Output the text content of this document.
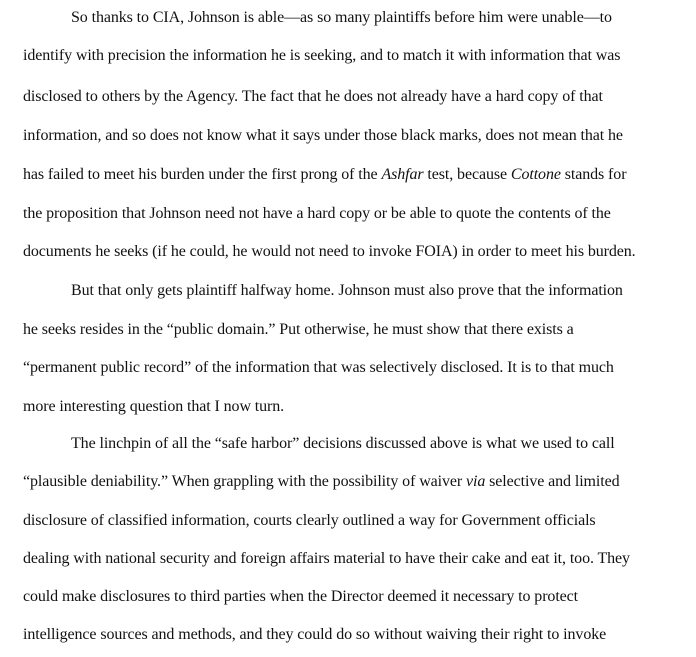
So thanks to CIA, Johnson is able—as so many plaintiffs before him were unable—to
identify with precision the information he is seeking, and to match it with information that was
disclosed to others by the Agency. The fact that he does not already have a hard copy of that
information, and so does not know what it says under those black marks, does not mean that he
has failed to meet his burden under the first prong of the Ashfar test, because Cottone stands for
the proposition that Johnson need not have a hard copy or be able to quote the contents of the
documents he seeks (if he could, he would not need to invoke FOIA) in order to meet his burden.
But that only gets plaintiff halfway home. Johnson must also prove that the information
he seeks resides in the “public domain.” Put otherwise, he must show that there exists a
“permanent public record” of the information that was selectively disclosed. It is to that much
more interesting question that I now turn.
The linchpin of all the “safe harbor” decisions discussed above is what we used to call
“plausible deniability.” When grappling with the possibility of waiver via selective and limited
disclosure of classified information, courts clearly outlined a way for Government officials
dealing with national security and foreign affairs material to have their cake and eat it, too. They
could make disclosures to third parties when the Director deemed it necessary to protect
intelligence sources and methods, and they could do so without waiving their right to invoke
